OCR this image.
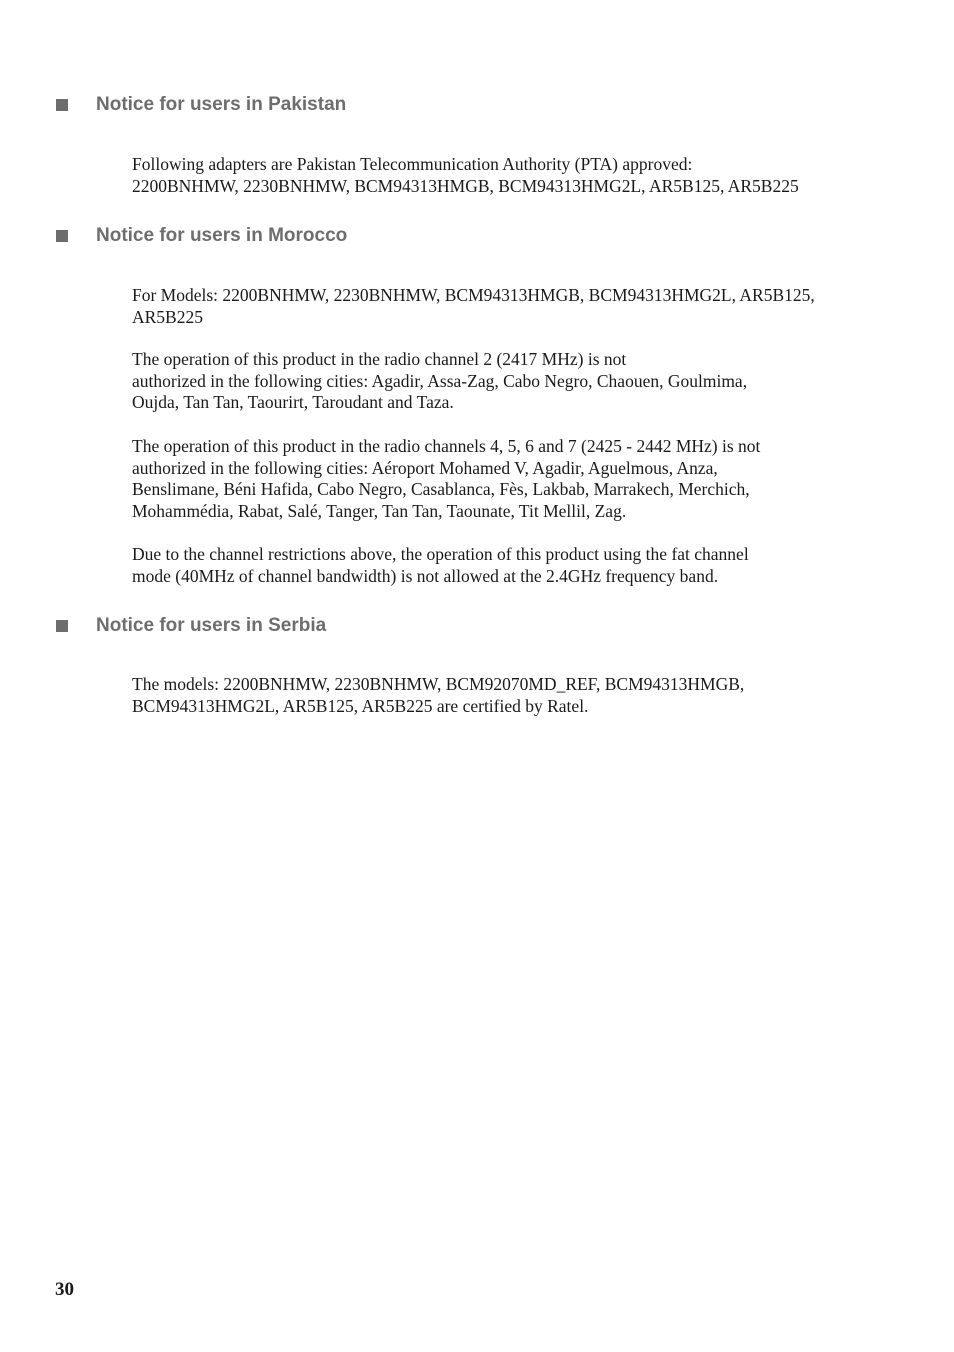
Notice for users in Pakistan

Following adapters are Pakistan Telecommunication Authority (PTA) approved:
2200BNHMW, 2230BNHMW, BCM94313HMGB, BCM94313HMG2L, AR5B125, AR5B225

Notice for users in Morocco

For Models: 2200BNHMW, 2230BNHMW, BCM94313HMGB, BCM94313HMG2L, AR5B125,
AR5B225

The operation of this product in the radio channel 2 (2417 MHz) is not
authorized in the following cities: Agadir, Assa-Zag, Cabo Negro, Chaouen, Goulmima,
Oujda, Tan Tan, Taourirt, Taroudant and Taza.

The operation of this product in the radio channels 4, 5, 6 and 7 (2425 - 2442 MHz) is not
authorized in the following cities: Aéroport Mohamed V, Agadir, Aguelmous, Anza,
Benslimane, Béni Hafida, Cabo Negro, Casablanca, Fès, Lakbab, Marrakech, Merchich,
Mohammédia, Rabat, Salé, Tanger, Tan Tan, Taounate, Tit Mellil, Zag.

Due to the channel restrictions above, the operation of this product using the fat channel
mode (40MHz of channel bandwidth) is not allowed at the 2.4GHz frequency band.

Notice for users in Serbia

The models: 2200BNHMW, 2230BNHMW, BCM92070MD_REF, BCM94313HMGB,
BCM94313HMG2L, AR5B125, AR5B225 are certified by Ratel.

30
